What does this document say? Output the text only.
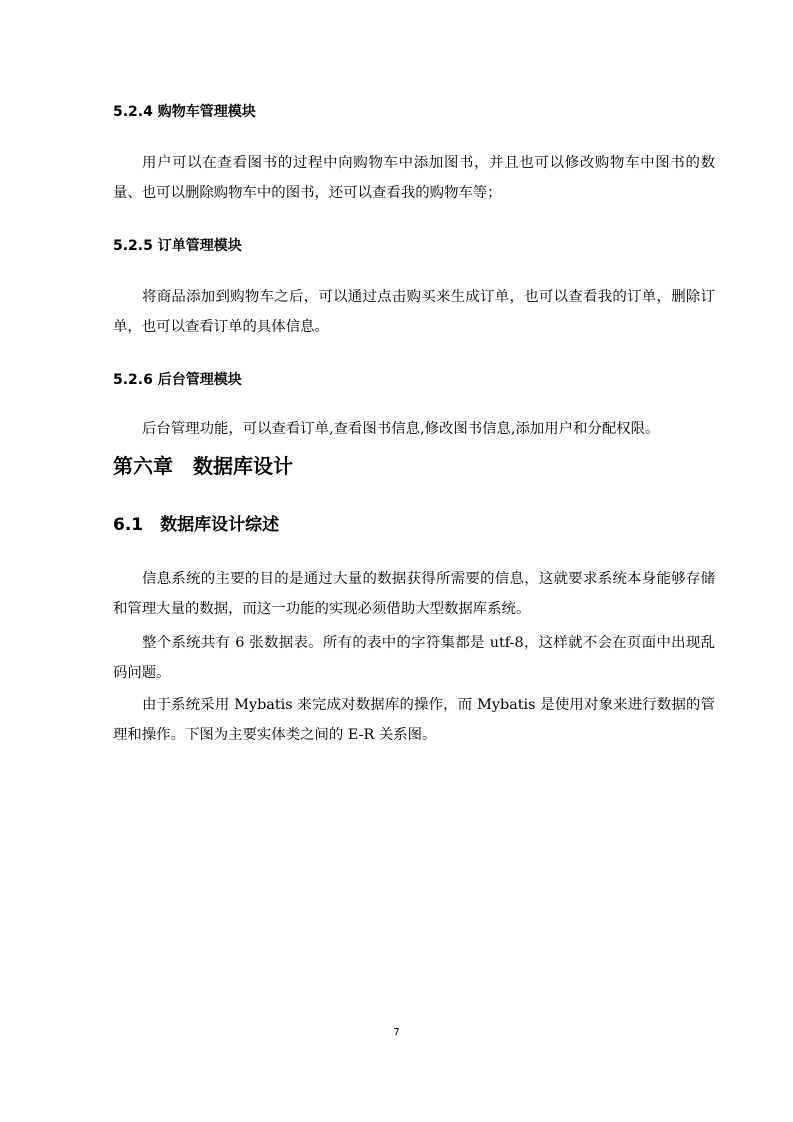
5.2.4 购物车管理模块

用户可以在查看图书的过程中向购物车中添加图书，并且也可以修改购物车中图书的数量、也可以删除购物车中的图书，还可以查看我的购物车等；

5.2.5 订单管理模块

将商品添加到购物车之后，可以通过点击购买来生成订单，也可以查看我的订单，删除订单，也可以查看订单的具体信息。

5.2.6 后台管理模块

后台管理功能，可以查看订单,查看图书信息,修改图书信息,添加用户和分配权限。

第六章　数据库设计
6.1　数据库设计综述

信息系统的主要的目的是通过大量的数据获得所需要的信息，这就要求系统本身能够存储和管理大量的数据，而这一功能的实现必须借助大型数据库系统。

整个系统共有 6 张数据表。所有的表中的字符集都是 utf-8，这样就不会在页面中出现乱码问题。

由于系统采用 Mybatis 来完成对数据库的操作，而 Mybatis 是使用对象来进行数据的管理和操作。下图为主要实体类之间的 E-R 关系图。

7
